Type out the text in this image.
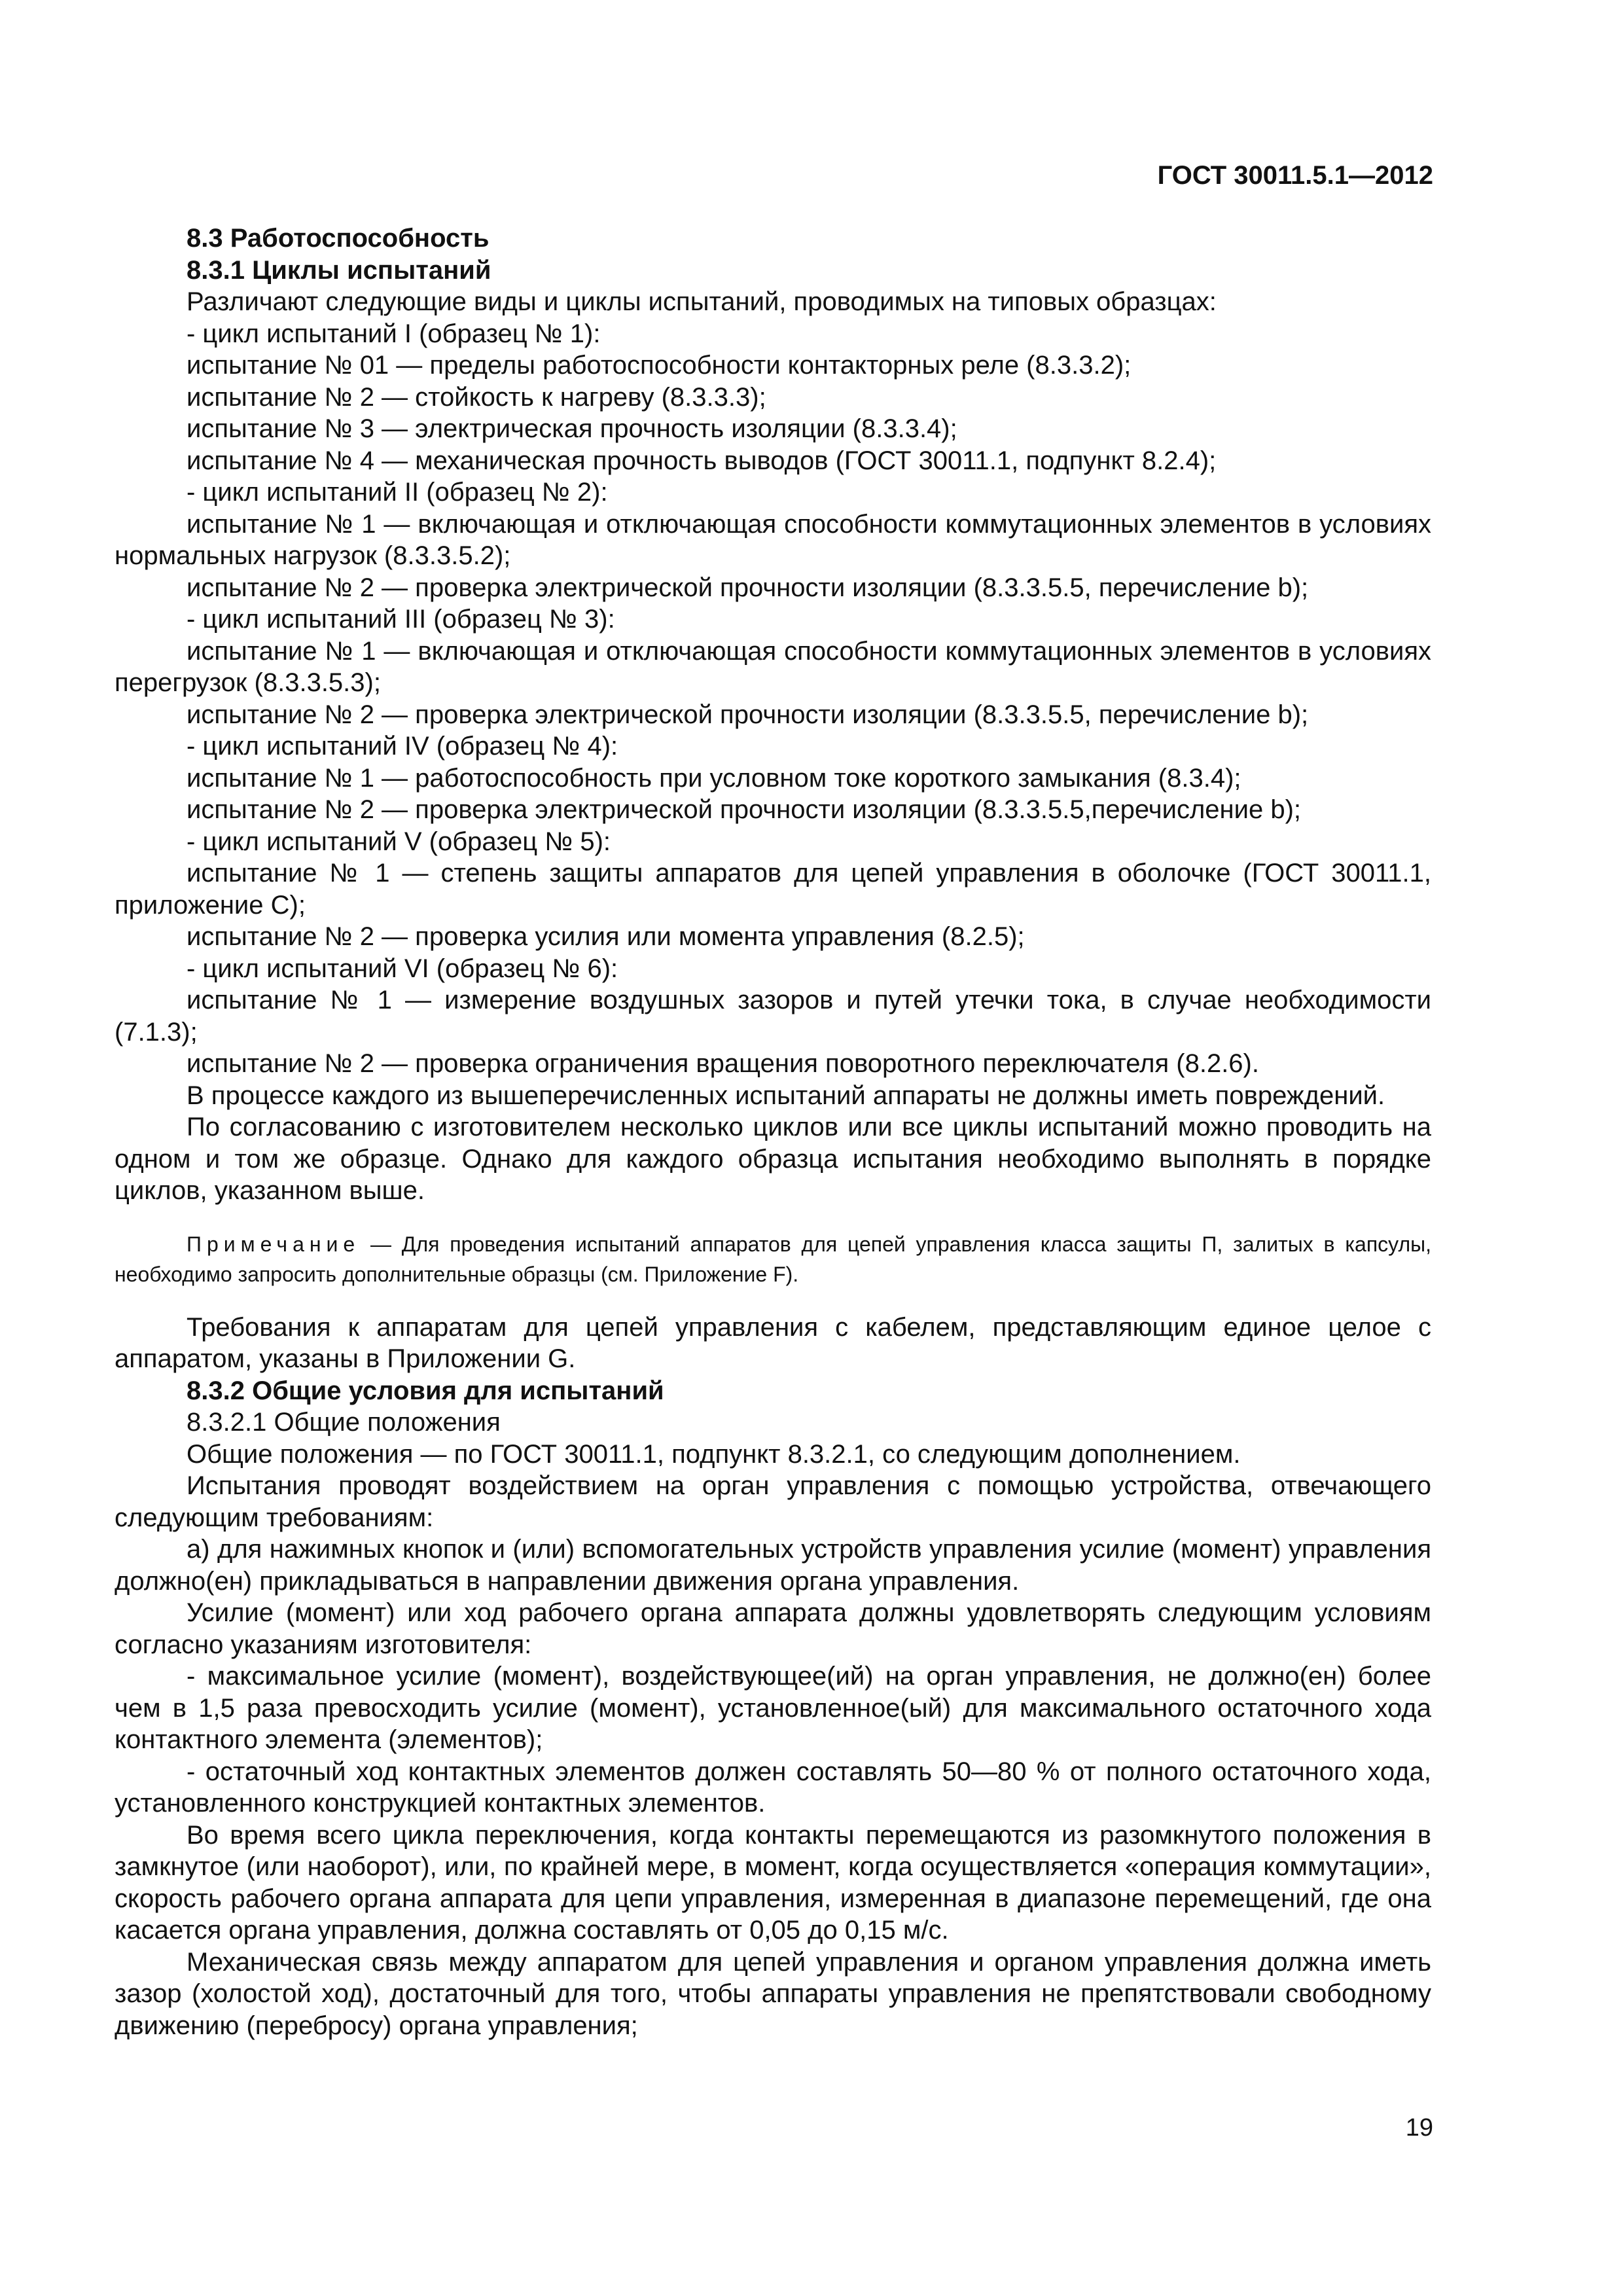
ГОСТ 30011.5.1—2012

8.3 Работоспособность

8.3.1 Циклы испытаний

Различают следующие виды и циклы испытаний, проводимых на типовых образцах:

- цикл испытаний I (образец № 1):

испытание № 01 — пределы работоспособности контакторных реле (8.3.3.2);

испытание № 2 — стойкость к нагреву (8.3.3.3);

испытание № 3 — электрическая прочность изоляции (8.3.3.4);

испытание № 4 — механическая прочность выводов (ГОСТ 30011.1, подпункт 8.2.4);

- цикл испытаний II (образец № 2):

испытание № 1 — включающая и отключающая способности коммутационных элементов в условиях нормальных нагрузок (8.3.3.5.2);

испытание № 2 — проверка электрической прочности изоляции (8.3.3.5.5, перечисление b);

- цикл испытаний III (образец № 3):

испытание № 1 — включающая и отключающая способности коммутационных элементов в условиях перегрузок (8.3.3.5.3);

испытание № 2 — проверка электрической прочности изоляции (8.3.3.5.5, перечисление b);

- цикл испытаний IV (образец № 4):

испытание № 1 — работоспособность при условном токе короткого замыкания (8.3.4);

испытание № 2 — проверка электрической прочности изоляции (8.3.3.5.5,перечисление b);

- цикл испытаний V (образец № 5):

испытание № 1 — степень защиты аппаратов для цепей управления в оболочке (ГОСТ 30011.1, приложение С);

испытание № 2 — проверка усилия или момента управления (8.2.5);

- цикл испытаний VI (образец № 6):

испытание № 1 — измерение воздушных зазоров и путей утечки тока, в случае необходимости (7.1.3);

испытание № 2 — проверка ограничения вращения поворотного переключателя (8.2.6).

В процессе каждого из вышеперечисленных испытаний аппараты не должны иметь повреждений.

По согласованию с изготовителем несколько циклов или все циклы испытаний можно проводить на одном и том же образце. Однако для каждого образца испытания необходимо выполнять в порядке циклов, указанном выше.

Примечание — Для проведения испытаний аппаратов для цепей управления класса защиты П, залитых в капсулы, необходимо запросить дополнительные образцы (см. Приложение F).

Требования к аппаратам для цепей управления с кабелем, представляющим единое целое с аппаратом, указаны в Приложении G.

8.3.2 Общие условия для испытаний

8.3.2.1 Общие положения

Общие положения — по ГОСТ 30011.1, подпункт 8.3.2.1, со следующим дополнением.

Испытания проводят воздействием на орган управления с помощью устройства, отвечающего следующим требованиям:

а) для нажимных кнопок и (или) вспомогательных устройств управления усилие (момент) управления должно(ен) прикладываться в направлении движения органа управления.

Усилие (момент) или ход рабочего органа аппарата должны удовлетворять следующим условиям согласно указаниям изготовителя:

- максимальное усилие (момент), воздействующее(ий) на орган управления, не должно(ен) более чем в 1,5 раза превосходить усилие (момент), установленное(ый) для максимального остаточного хода контактного элемента (элементов);

- остаточный ход контактных элементов должен составлять 50—80 % от полного остаточного хода, установленного конструкцией контактных элементов.

Во время всего цикла переключения, когда контакты перемещаются из разомкнутого положения в замкнутое (или наоборот), или, по крайней мере, в момент, когда осуществляется «операция коммутации», скорость рабочего органа аппарата для цепи управления, измеренная в диапазоне перемещений, где она касается органа управления, должна составлять от 0,05 до 0,15 м/с.

Механическая связь между аппаратом для цепей управления и органом управления должна иметь зазор (холостой ход), достаточный для того, чтобы аппараты управления не препятствовали свободному движению (перебросу) органа управления;

19
